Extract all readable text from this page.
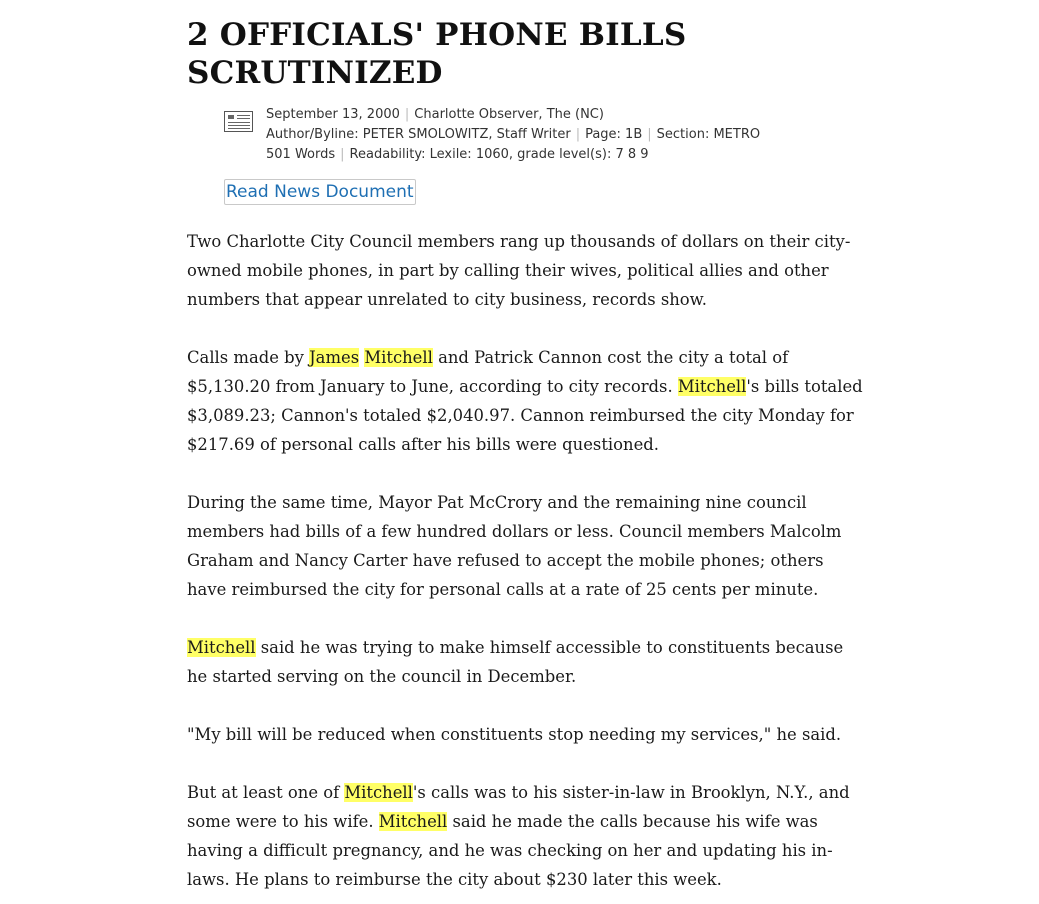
2 OFFICIALS' PHONE BILLS SCRUTINIZED
September 13, 2000 | Charlotte Observer, The (NC)
Author/Byline: PETER SMOLOWITZ, Staff Writer | Page: 1B | Section: METRO
501 Words | Readability: Lexile: 1060, grade level(s): 7 8 9
Read News Document

Two Charlotte City Council members rang up thousands of dollars on their city-owned mobile phones, in part by calling their wives, political allies and other numbers that appear unrelated to city business, records show.

Calls made by James Mitchell and Patrick Cannon cost the city a total of $5,130.20 from January to June, according to city records. Mitchell's bills totaled $3,089.23; Cannon's totaled $2,040.97. Cannon reimbursed the city Monday for $217.69 of personal calls after his bills were questioned.

During the same time, Mayor Pat McCrory and the remaining nine council members had bills of a few hundred dollars or less. Council members Malcolm Graham and Nancy Carter have refused to accept the mobile phones; others have reimbursed the city for personal calls at a rate of 25 cents per minute.

Mitchell said he was trying to make himself accessible to constituents because he started serving on the council in December.

"My bill will be reduced when constituents stop needing my services," he said.

But at least one of Mitchell's calls was to his sister-in-law in Brooklyn, N.Y., and some were to his wife. Mitchell said he made the calls because his wife was having a difficult pregnancy, and he was checking on her and updating his in-laws. He plans to reimburse the city about $230 later this week.
